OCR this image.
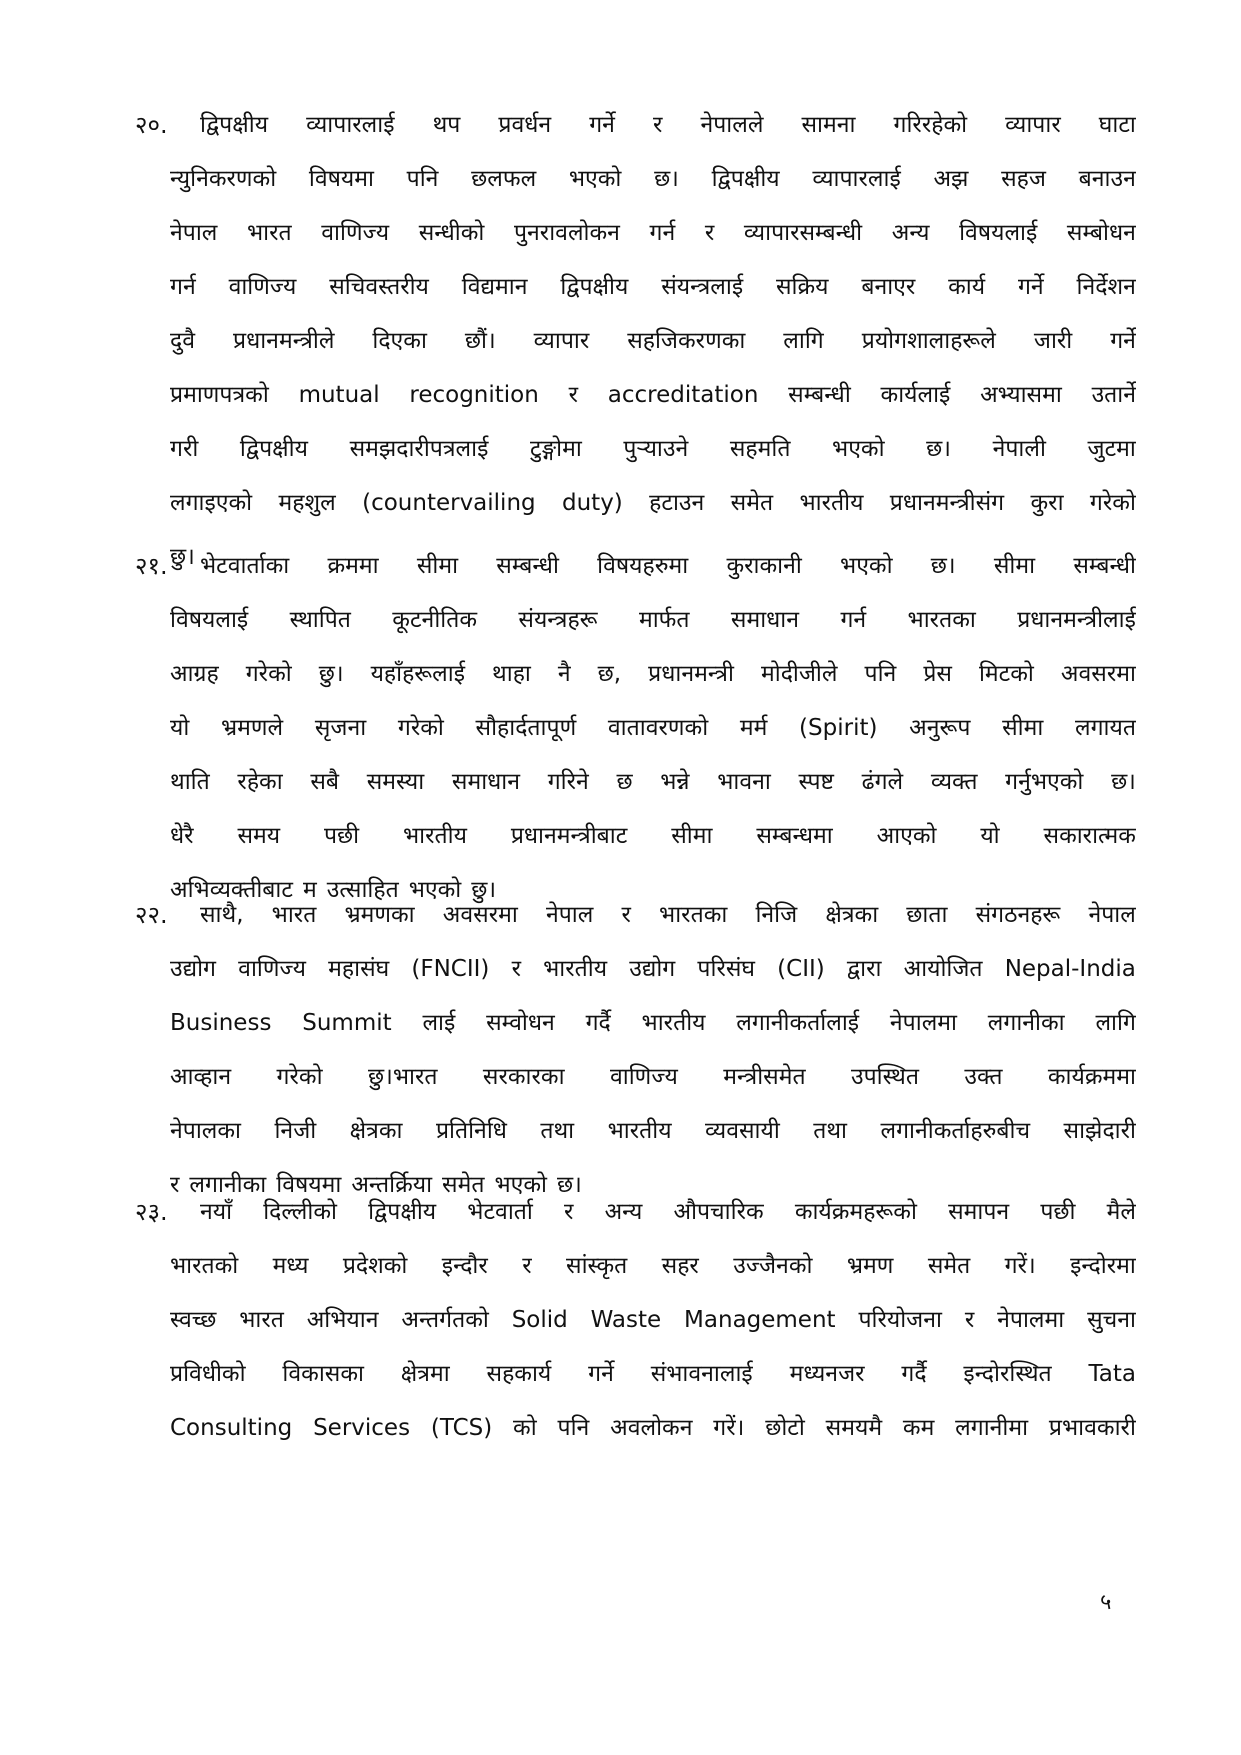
२०. द्विपक्षीय व्यापारलाई थप प्रवर्धन गर्ने र नेपालले सामना गरिरहेको व्यापार घाटा
न्युनिकरणको विषयमा पनि छलफल भएको छ। द्विपक्षीय व्यापारलाई अझ सहज बनाउन
नेपाल भारत वाणिज्य सन्धीको पुनरावलोकन गर्न र व्यापारसम्बन्धी अन्य विषयलाई सम्बोधन
गर्न वाणिज्य सचिवस्तरीय विद्यमान द्विपक्षीय संयन्त्रलाई सक्रिय बनाएर कार्य गर्ने निर्देशन
दुवै प्रधानमन्त्रीले दिएका छौं। व्यापार सहजिकरणका लागि प्रयोगशालाहरूले जारी गर्ने
प्रमाणपत्रको mutual recognition र accreditation सम्बन्धी कार्यलाई अभ्यासमा उतार्ने
गरी द्विपक्षीय समझदारीपत्रलाई टुङ्गोमा पुर्‍याउने सहमति भएको छ। नेपाली जुटमा
लगाइएको महशुल (countervailing duty) हटाउन समेत भारतीय प्रधानमन्त्रीसंग कुरा गरेको
छु।
२१. भेटवार्ताका क्रममा सीमा सम्बन्धी विषयहरुमा कुराकानी भएको छ। सीमा सम्बन्धी
विषयलाई स्थापित कूटनीतिक संयन्त्रहरू मार्फत समाधान गर्न भारतका प्रधानमन्त्रीलाई
आग्रह गरेको छु। यहाँहरूलाई थाहा नै छ, प्रधानमन्त्री मोदीजीले पनि प्रेस मिटको अवसरमा
यो भ्रमणले सृजना गरेको सौहार्दतापूर्ण वातावरणको मर्म (Spirit) अनुरूप सीमा लगायत
थाति रहेका सबै समस्या समाधान गरिने छ भन्ने भावना स्पष्ट ढंगले व्यक्त गर्नुभएको छ।
धेरै समय पछी भारतीय प्रधानमन्त्रीबाट सीमा सम्बन्धमा आएको यो सकारात्मक
अभिव्यक्तीबाट म उत्साहित भएको छु।
२२. साथै, भारत भ्रमणका अवसरमा नेपाल र भारतका निजि क्षेत्रका छाता संगठनहरू नेपाल
उद्योग वाणिज्य महासंघ (FNCII) र भारतीय उद्योग परिसंघ (CII) द्वारा आयोजित Nepal-India
Business Summit लाई सम्वोधन गर्दै भारतीय लगानीकर्तालाई नेपालमा लगानीका लागि
आव्हान गरेको छु।भारत सरकारका वाणिज्य मन्त्रीसमेत उपस्थित उक्त कार्यक्रममा
नेपालका निजी क्षेत्रका प्रतिनिधि तथा भारतीय व्यवसायी तथा लगानीकर्ताहरुबीच साझेदारी
र लगानीका विषयमा अन्तर्क्रिया समेत भएको छ।
२३. नयाँ दिल्लीको द्विपक्षीय भेटवार्ता र अन्य औपचारिक कार्यक्रमहरूको समापन पछी मैले
भारतको मध्य प्रदेशको इन्दौर र सांस्कृत सहर उज्जैनको भ्रमण समेत गरें। इन्दोरमा
स्वच्छ भारत अभियान अन्तर्गतको Solid Waste Management परियोजना र नेपालमा सुचना
प्रविधीको विकासका क्षेत्रमा सहकार्य गर्ने संभावनालाई मध्यनजर गर्दै इन्दोरस्थित Tata
Consulting Services (TCS) को पनि अवलोकन गरें। छोटो समयमै कम लगानीमा प्रभावकारी
५
